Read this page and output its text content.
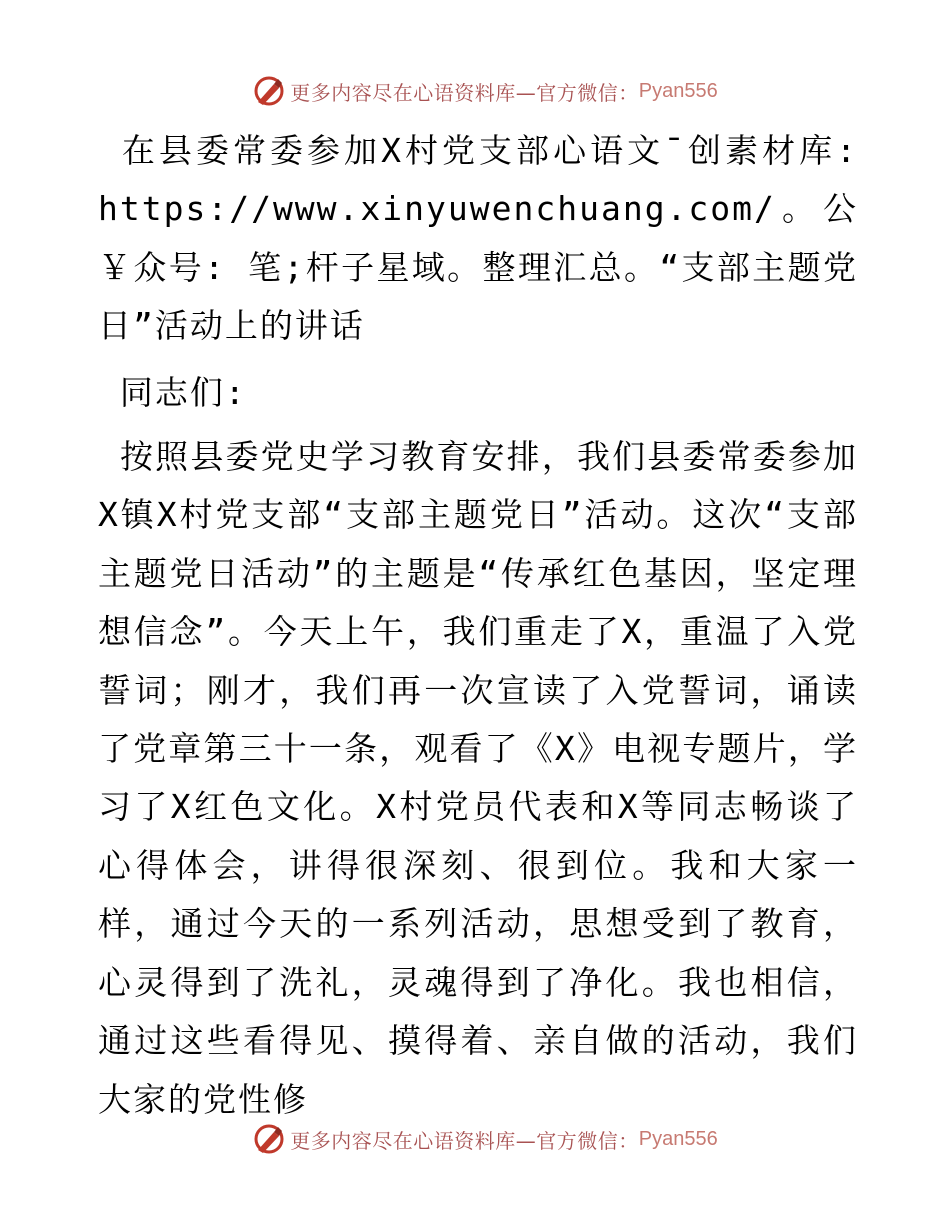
更多内容尽在心语资料库—官方微信： Pyan556

在县委常委参加X村党支部心语文¯创素材库: https://www.xinyuwenchuang.com/。公￥众号: 笔;杆子星域。整理汇总。“支部主题党日”活动上的讲话

同志们:

按照县委党史学习教育安排，我们县委常委参加X镇X村党支部“支部主题党日”活动。这次“支部主题党日活动”的主题是“传承红色基因，坚定理想信念”。今天上午，我们重走了X，重温了入党誓词；刚才，我们再一次宣读了入党誓词，诵读了党章第三十一条，观看了《X》电视专题片，学习了X红色文化。X村党员代表和X等同志畅谈了心得体会，讲得很深刻、很到位。我和大家一样，通过今天的一系列活动，思想受到了教育，心灵得到了洗礼，灵魂得到了净化。我也相信，通过这些看得见、摸得着、亲自做的活动，我们大家的党性修

更多内容尽在心语资料库—官方微信： Pyan556
